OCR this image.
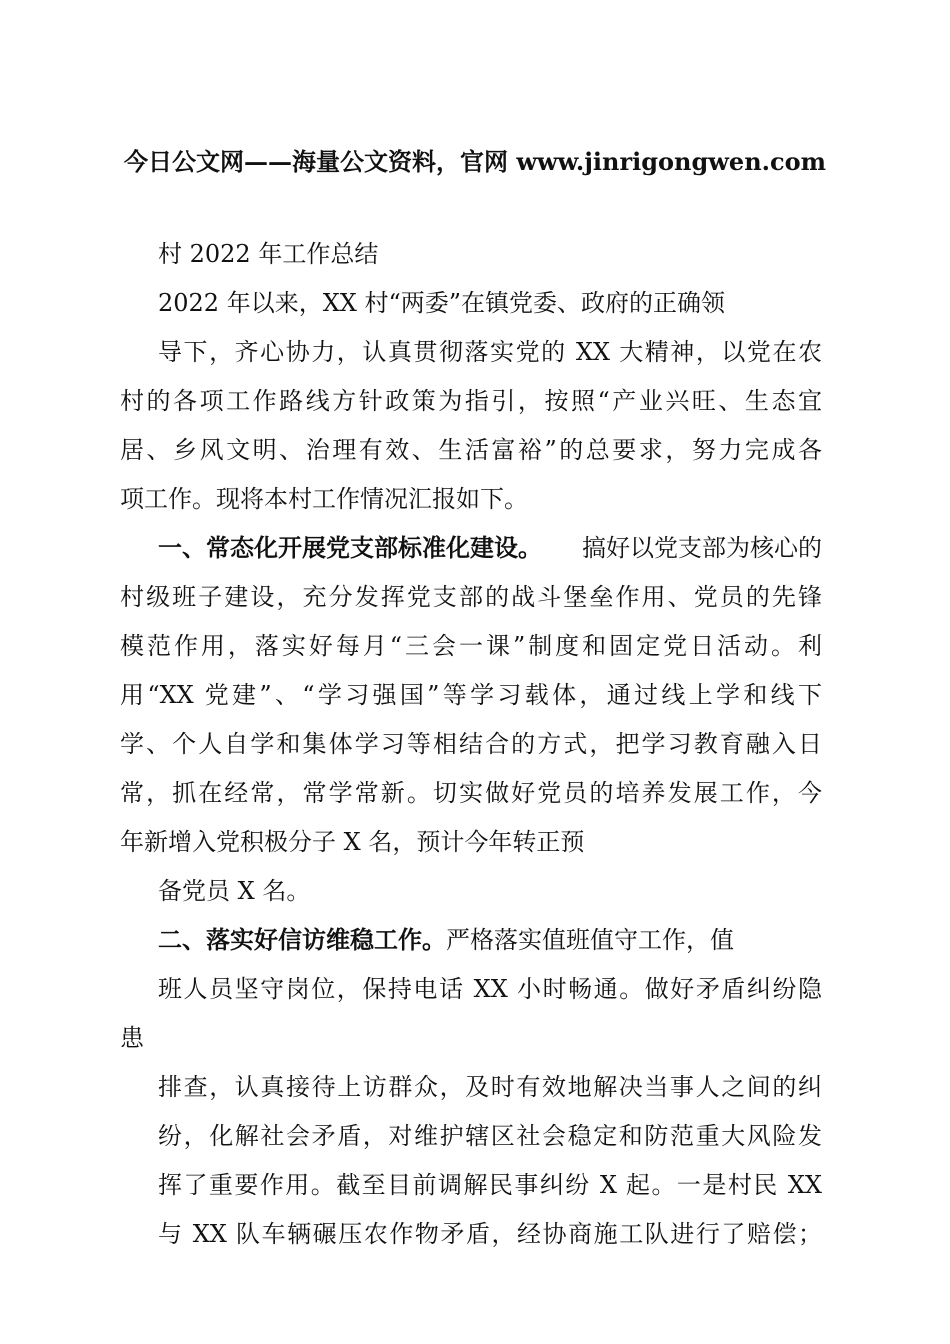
今日公文网——海量公文资料，官网 www.jinrigongwen.com
村 2022 年工作总结
2022 年以来，XX 村“两委”在镇党委、政府的正确领
导下，齐心协力，认真贯彻落实党的 XX 大精神，以党在农
村的各项工作路线方针政策为指引，按照“产业兴旺、生态宜
居、乡风文明、治理有效、生活富裕”的总要求，努力完成各
项工作。现将本村工作情况汇报如下。
一、常态化开展党支部标准化建设。 搞好以党支部为核心的
村级班子建设，充分发挥党支部的战斗堡垒作用、党员的先锋
模范作用，落实好每月“三会一课”制度和固定党日活动。利
用“XX 党建”、“学习强国”等学习载体，通过线上学和线下
学、个人自学和集体学习等相结合的方式，把学习教育融入日
常，抓在经常，常学常新。切实做好党员的培养发展工作，今
年新增入党积极分子 X 名，预计今年转正预
备党员 X 名。
二、落实好信访维稳工作。严格落实值班值守工作，值
班人员坚守岗位，保持电话 XX 小时畅通。做好矛盾纠纷隐
患
排查，认真接待上访群众，及时有效地解决当事人之间的纠
纷，化解社会矛盾，对维护辖区社会稳定和防范重大风险发
挥了重要作用。截至目前调解民事纠纷 X 起。一是村民 XX
与 XX 队车辆碾压农作物矛盾，经协商施工队进行了赔偿；
